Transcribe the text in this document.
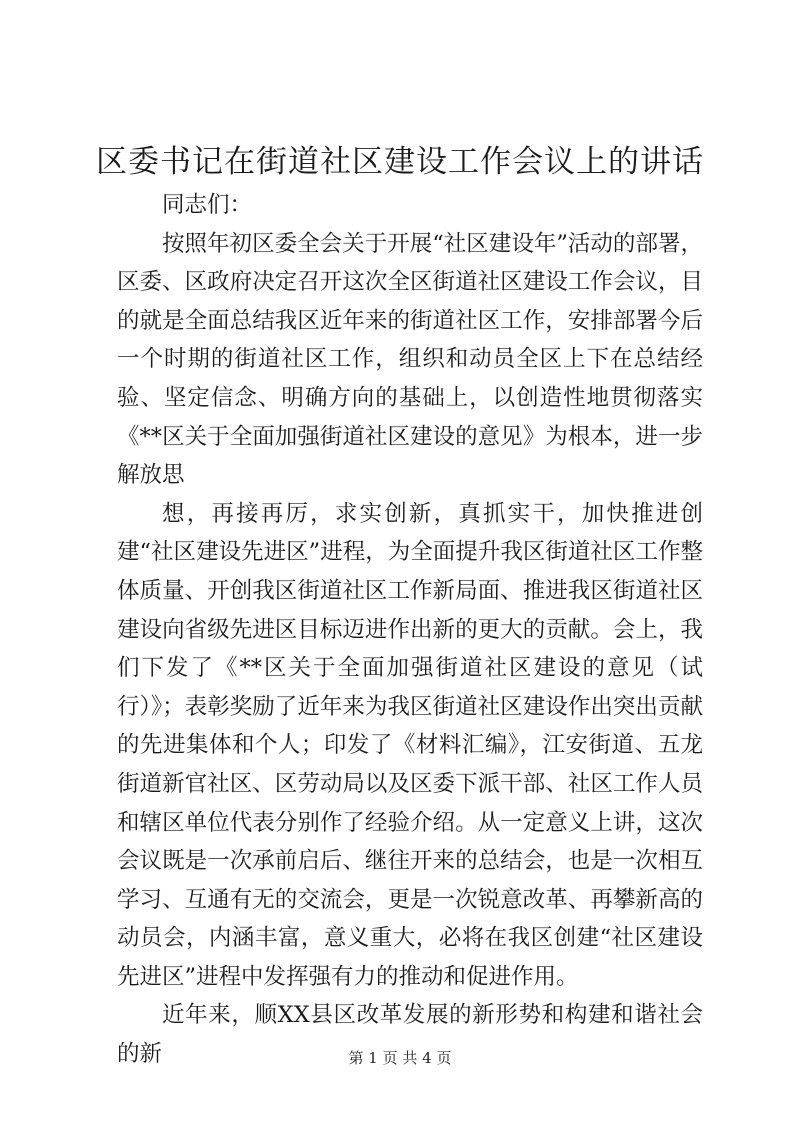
区委书记在街道社区建设工作会议上的讲话

同志们：

按照年初区委全会关于开展“社区建设年”活动的部署，区委、区政府决定召开这次全区街道社区建设工作会议，目的就是全面总结我区近年来的街道社区工作，安排部署今后一个时期的街道社区工作，组织和动员全区上下在总结经验、坚定信念、明确方向的基础上，以创造性地贯彻落实《**区关于全面加强街道社区建设的意见》为根本，进一步解放思

想，再接再厉，求实创新，真抓实干，加快推进创建“社区建设先进区”进程，为全面提升我区街道社区工作整体质量、开创我区街道社区工作新局面、推进我区街道社区建设向省级先进区目标迈进作出新的更大的贡献。会上，我们下发了《**区关于全面加强街道社区建设的意见（试行）》；表彰奖励了近年来为我区街道社区建设作出突出贡献的先进集体和个人；印发了《材料汇编》，江安街道、五龙街道新官社区、区劳动局以及区委下派干部、社区工作人员和辖区单位代表分别作了经验介绍。从一定意义上讲，这次会议既是一次承前启后、继往开来的总结会，也是一次相互学习、互通有无的交流会，更是一次锐意改革、再攀新高的动员会，内涵丰富，意义重大，必将在我区创建“社区建设先进区”进程中发挥强有力的推动和促进作用。

近年来，顺XX县区改革发展的新形势和构建和谐社会的新	第 1 页 共 4 页
